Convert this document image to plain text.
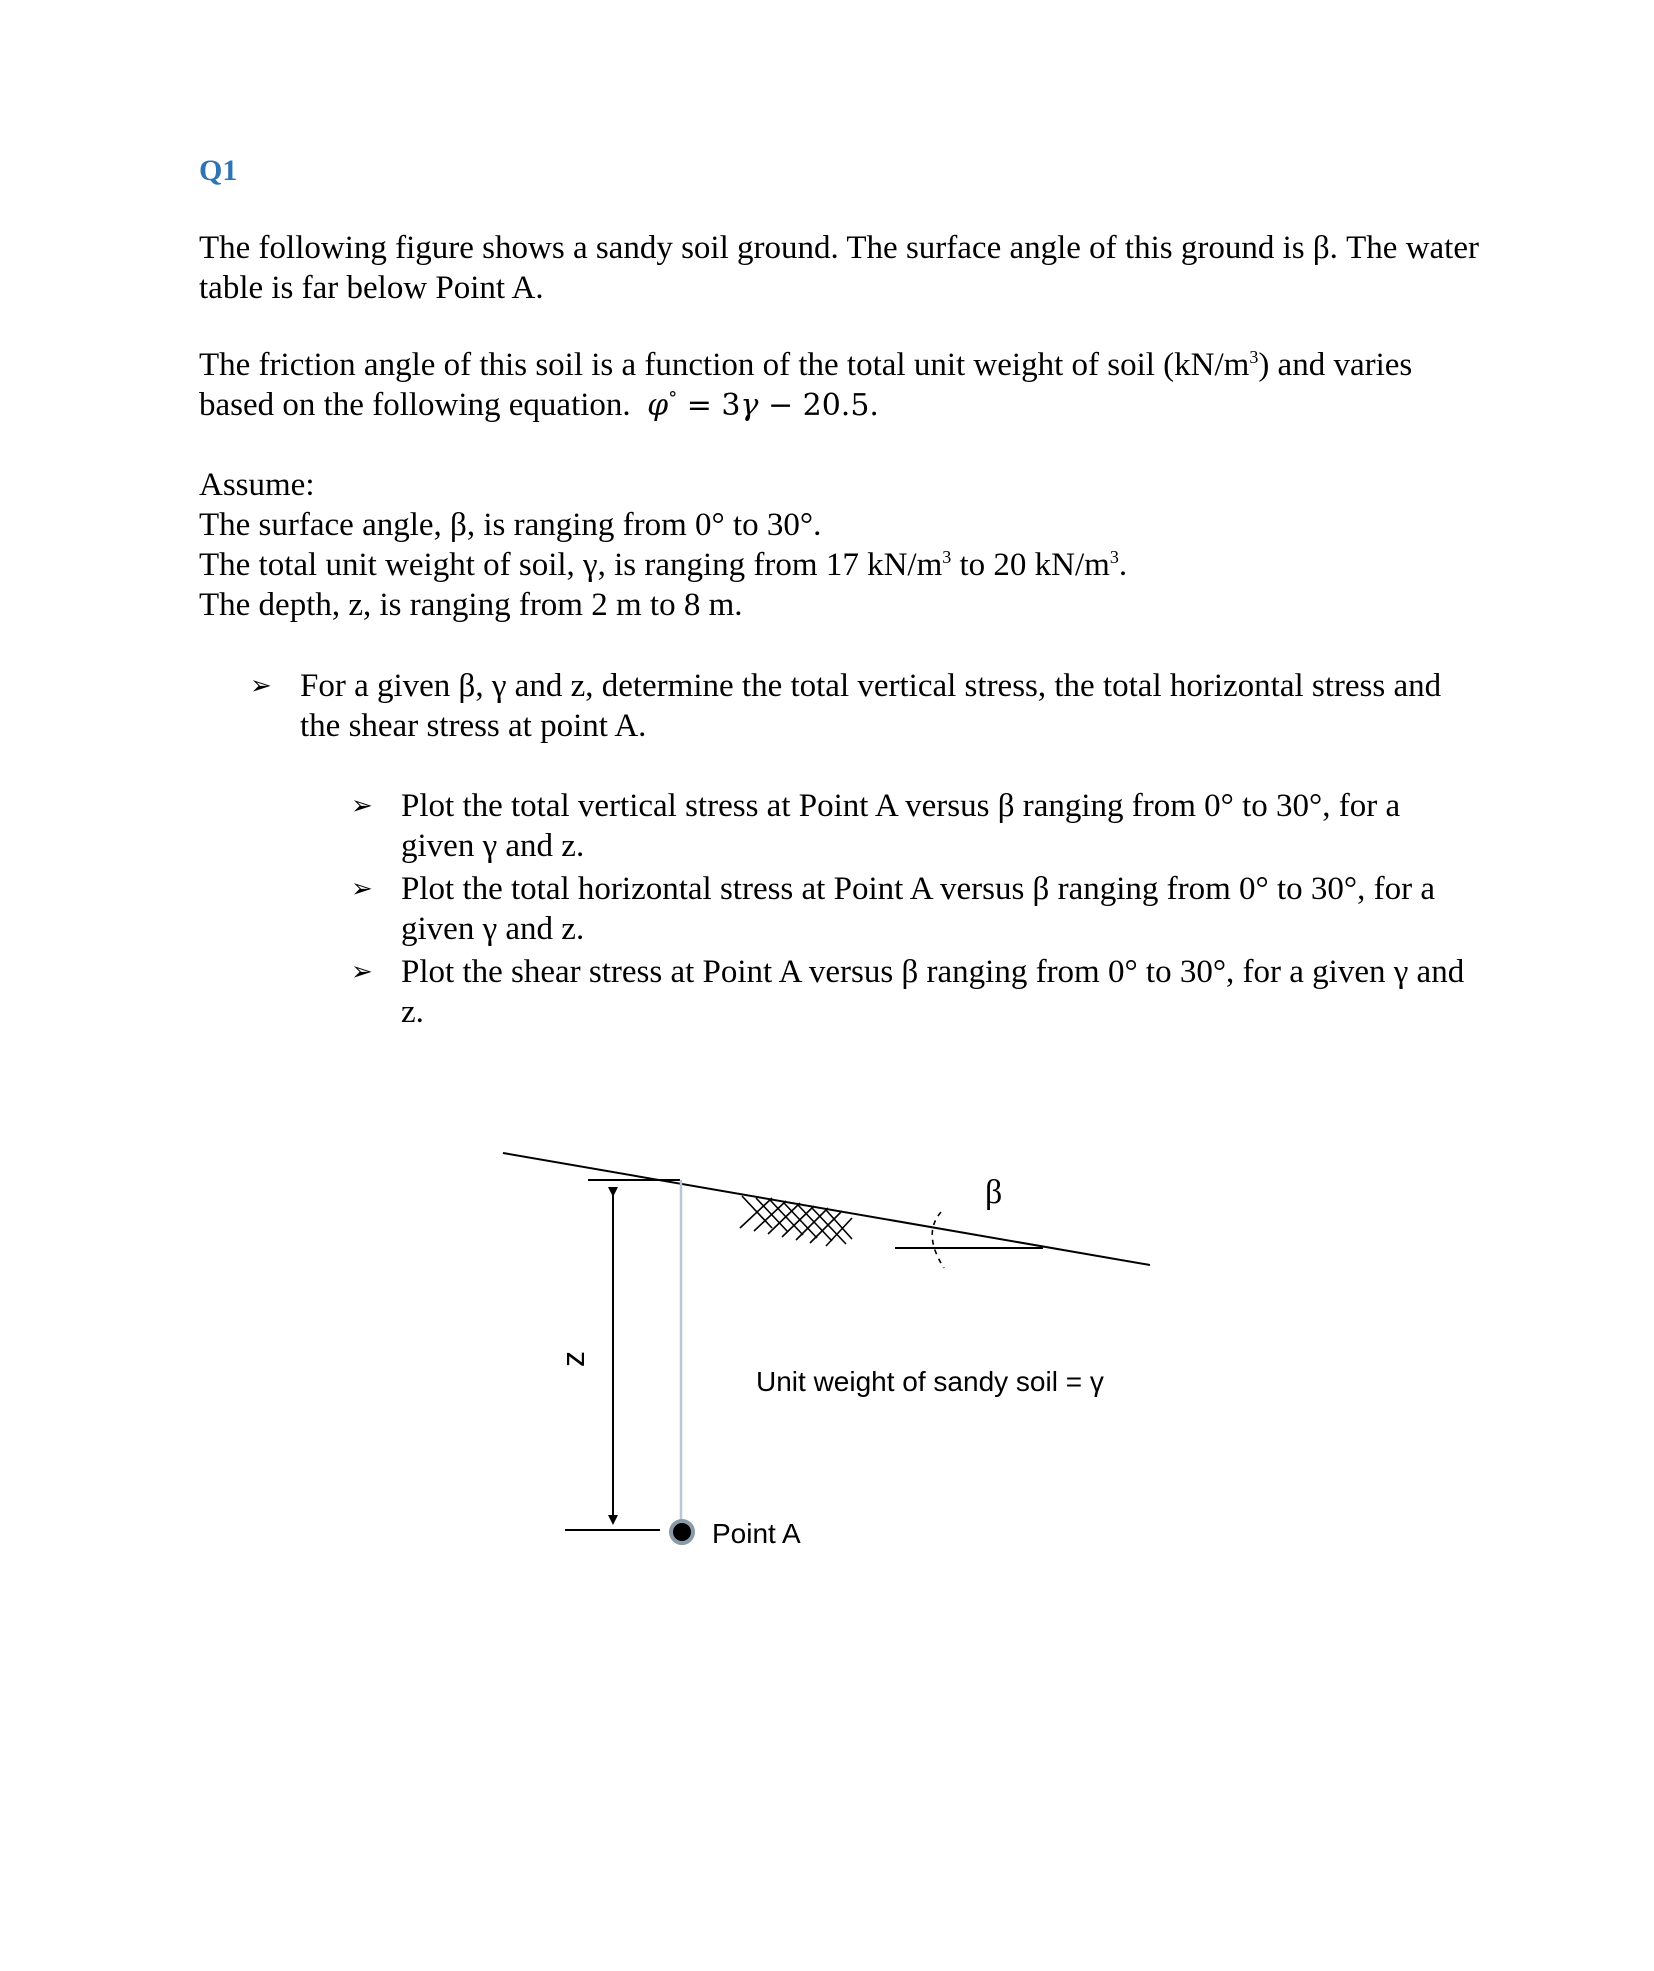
Q1

The following figure shows a sandy soil ground. The surface angle of this ground is β. The water table is far below Point A.

The friction angle of this soil is a function of the total unit weight of soil $(kN/m^3)$ and varies
based on the following equation. φ° = 3γ − 20.5.

Assume:
The surface angle, β, is ranging from 0° to 30°.
The total unit weight of soil, γ, is ranging from 17 $kN/m^3$ to 20 $kN/m^3$.
The depth, z, is ranging from 2 m to 8 m.
➢ For a given β, γ and z, determine the total vertical stress, the total horizontal stress and the shear stress at point A.
➢ Plot the total vertical stress at Point A versus β ranging from 0° to 30°, for a given γ and z.
➢ Plot the total horizontal stress at Point A versus β ranging from 0° to 30°, for a given γ and z.
➢ Plot the shear stress at Point A versus β ranging from 0° to 30°, for a given γ and z.
β
z
Point A
Unit weight of sandy soil = γ
